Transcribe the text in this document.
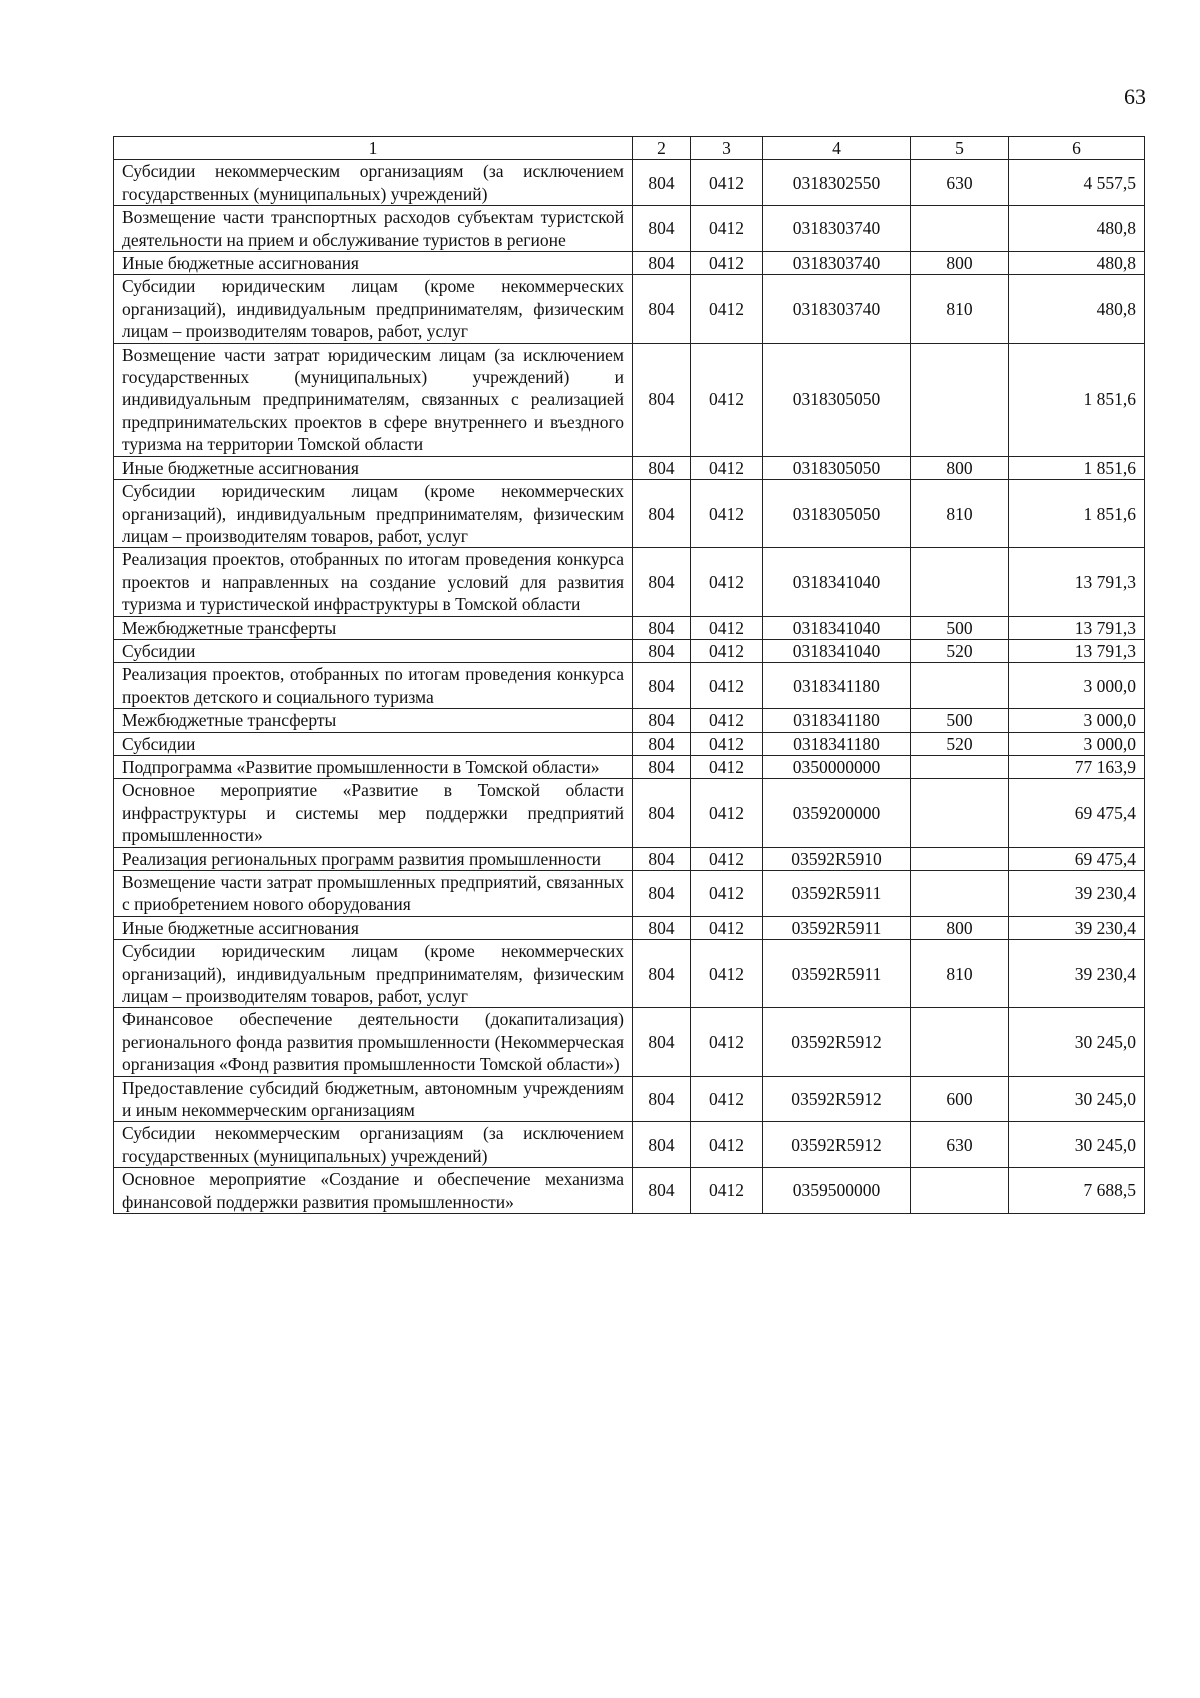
63
1	2	3	4	5	6
Субсидии некоммерческим организациям (за исключением государственных (муниципальных) учреждений)	804	0412	0318302550	630	4 557,5
Возмещение части транспортных расходов субъектам туристской деятельности на прием и обслуживание туристов в регионе	804	0412	0318303740		480,8
Иные бюджетные ассигнования	804	0412	0318303740	800	480,8
Субсидии юридическим лицам (кроме некоммерческих организаций), индивидуальным предпринимателям, физическим лицам – производителям товаров, работ, услуг	804	0412	0318303740	810	480,8
Возмещение части затрат юридическим лицам (за исключением государственных (муниципальных) учреждений) и индивидуальным предпринимателям, связанных с реализацией предпринимательских проектов в сфере внутреннего и въездного туризма на территории Томской области	804	0412	0318305050		1 851,6
Иные бюджетные ассигнования	804	0412	0318305050	800	1 851,6
Субсидии юридическим лицам (кроме некоммерческих организаций), индивидуальным предпринимателям, физическим лицам – производителям товаров, работ, услуг	804	0412	0318305050	810	1 851,6
Реализация проектов, отобранных по итогам проведения конкурса проектов и направленных на создание условий для развития туризма и туристической инфраструктуры в Томской области	804	0412	0318341040		13 791,3
Межбюджетные трансферты	804	0412	0318341040	500	13 791,3
Субсидии	804	0412	0318341040	520	13 791,3
Реализация проектов, отобранных по итогам проведения конкурса проектов детского и социального туризма	804	0412	0318341180		3 000,0
Межбюджетные трансферты	804	0412	0318341180	500	3 000,0
Субсидии	804	0412	0318341180	520	3 000,0
Подпрограмма «Развитие промышленности в Томской области»	804	0412	0350000000		77 163,9
Основное мероприятие «Развитие в Томской области инфраструктуры и системы мер поддержки предприятий промышленности»	804	0412	0359200000		69 475,4
Реализация региональных программ развития промышленности	804	0412	03592R5910		69 475,4
Возмещение части затрат промышленных предприятий, связанных с приобретением нового оборудования	804	0412	03592R5911		39 230,4
Иные бюджетные ассигнования	804	0412	03592R5911	800	39 230,4
Субсидии юридическим лицам (кроме некоммерческих организаций), индивидуальным предпринимателям, физическим лицам – производителям товаров, работ, услуг	804	0412	03592R5911	810	39 230,4
Финансовое обеспечение деятельности (докапитализация) регионального фонда развития промышленности (Некоммерческая организация «Фонд развития промышленности Томской области»)	804	0412	03592R5912		30 245,0
Предоставление субсидий бюджетным, автономным учреждениям и иным некоммерческим организациям	804	0412	03592R5912	600	30 245,0
Субсидии некоммерческим организациям (за исключением государственных (муниципальных) учреждений)	804	0412	03592R5912	630	30 245,0
Основное мероприятие «Создание и обеспечение механизма финансовой поддержки развития промышленности»	804	0412	0359500000		7 688,5
